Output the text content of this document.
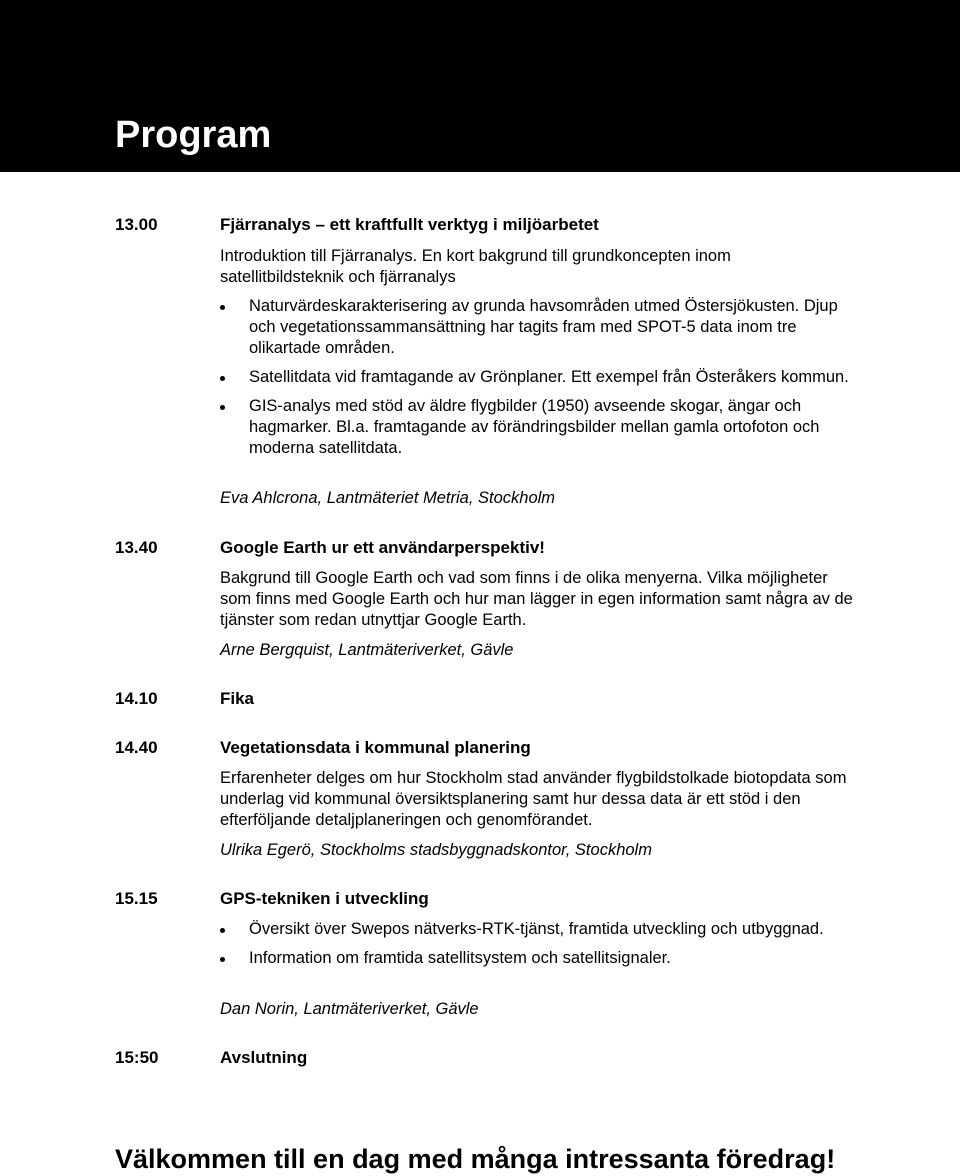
Program
13.00	Fjärranalys – ett kraftfullt verktyg i miljöarbetet

Introduktion till Fjärranalys. En kort bakgrund till grundkoncepten inom satellitbildsteknik och fjärranalys

Naturvärdeskarakterisering av grunda havsområden utmed Östersjökusten. Djup och vegetationssammansättning har tagits fram med SPOT-5 data inom tre olikartade områden.
Satellitdata vid framtagande av Grönplaner. Ett exempel från Österåkers kommun.
GIS-analys med stöd av äldre flygbilder (1950) avseende skogar, ängar och hagmarker. Bl.a. framtagande av förändringsbilder mellan gamla ortofoton och moderna satellitdata.
Eva Ahlcrona, Lantmäteriet Metria, Stockholm
13.40	Google Earth ur ett användarperspektiv!

Bakgrund till Google Earth och vad som finns i de olika menyerna. Vilka möjligheter som finns med Google Earth och hur man lägger in egen information samt några av de tjänster som redan utnyttjar Google Earth.

Arne Bergquist, Lantmäteriverket, Gävle
14.10	Fika
14.40	Vegetationsdata i kommunal planering

Erfarenheter delges om hur Stockholm stad använder flygbildstolkade biotopdata som underlag vid kommunal översiktsplanering samt hur dessa data är ett stöd i den efterföljande detaljplaneringen och genomförandet.

Ulrika Egerö, Stockholms stadsbyggnadskontor, Stockholm
15.15	GPS-tekniken i utveckling
Översikt över Swepos nätverks-RTK-tjänst, framtida utveckling och utbyggnad.
Information om framtida satellitsystem och satellitsignaler.
Dan Norin, Lantmäteriverket, Gävle
15:50	Avslutning

Välkommen till en dag med många intressanta föredrag!
